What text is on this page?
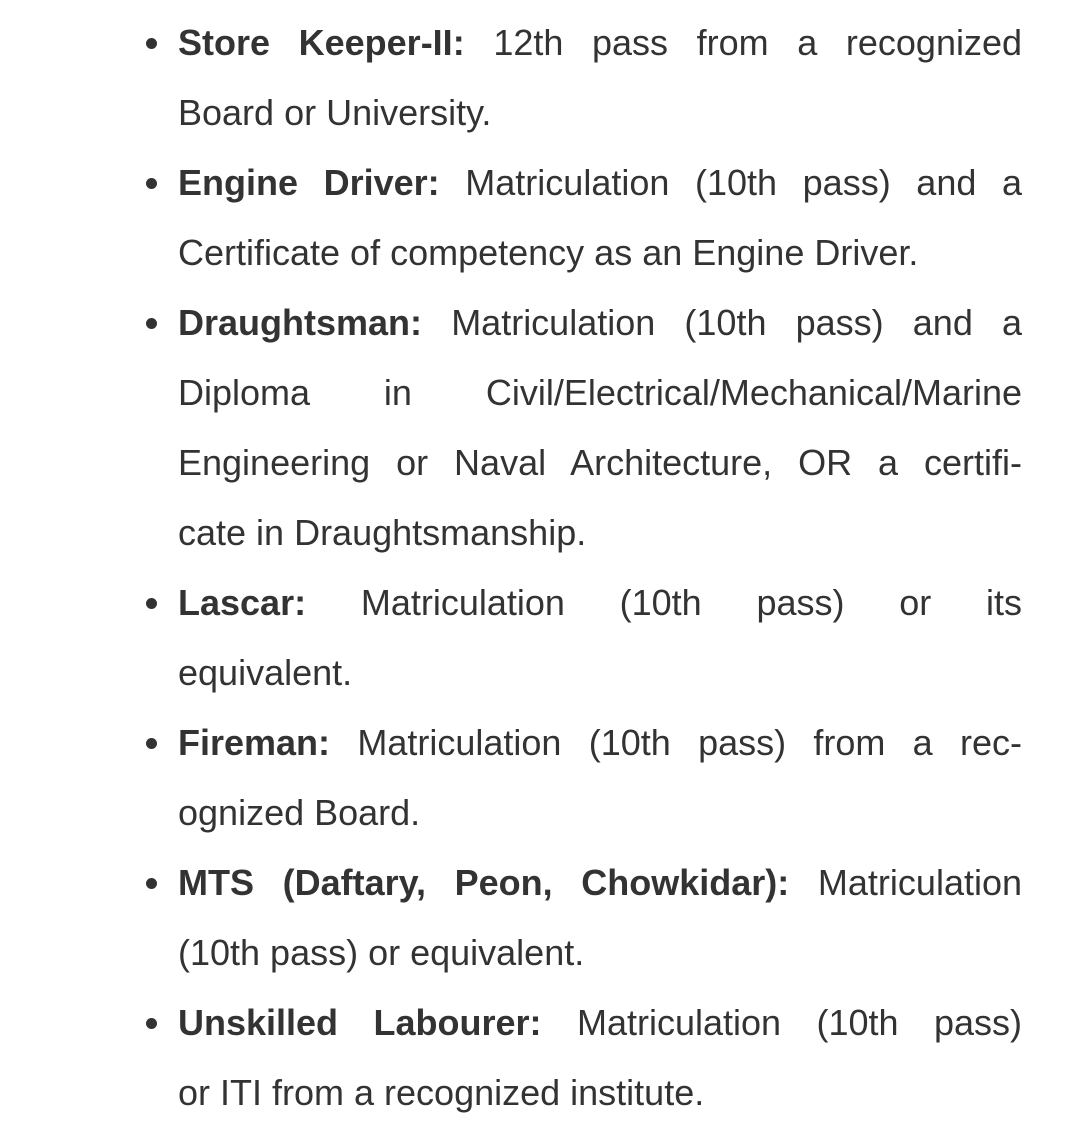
Store Keeper-II: 12th pass from a recognized
Board or University.
Engine Driver: Matriculation (10th pass) and a
Certificate of competency as an Engine Driver.
Draughtsman: Matriculation (10th pass) and a
Diploma in Civil/Electrical/Mechanical/Marine
Engineering or Naval Architecture, OR a certifi-
cate in Draughtsmanship.
Lascar: Matriculation (10th pass) or its
equivalent.
Fireman: Matriculation (10th pass) from a rec-
ognized Board.
MTS (Daftary, Peon, Chowkidar): Matriculation
(10th pass) or equivalent.
Unskilled Labourer: Matriculation (10th pass)
or ITI from a recognized institute.
